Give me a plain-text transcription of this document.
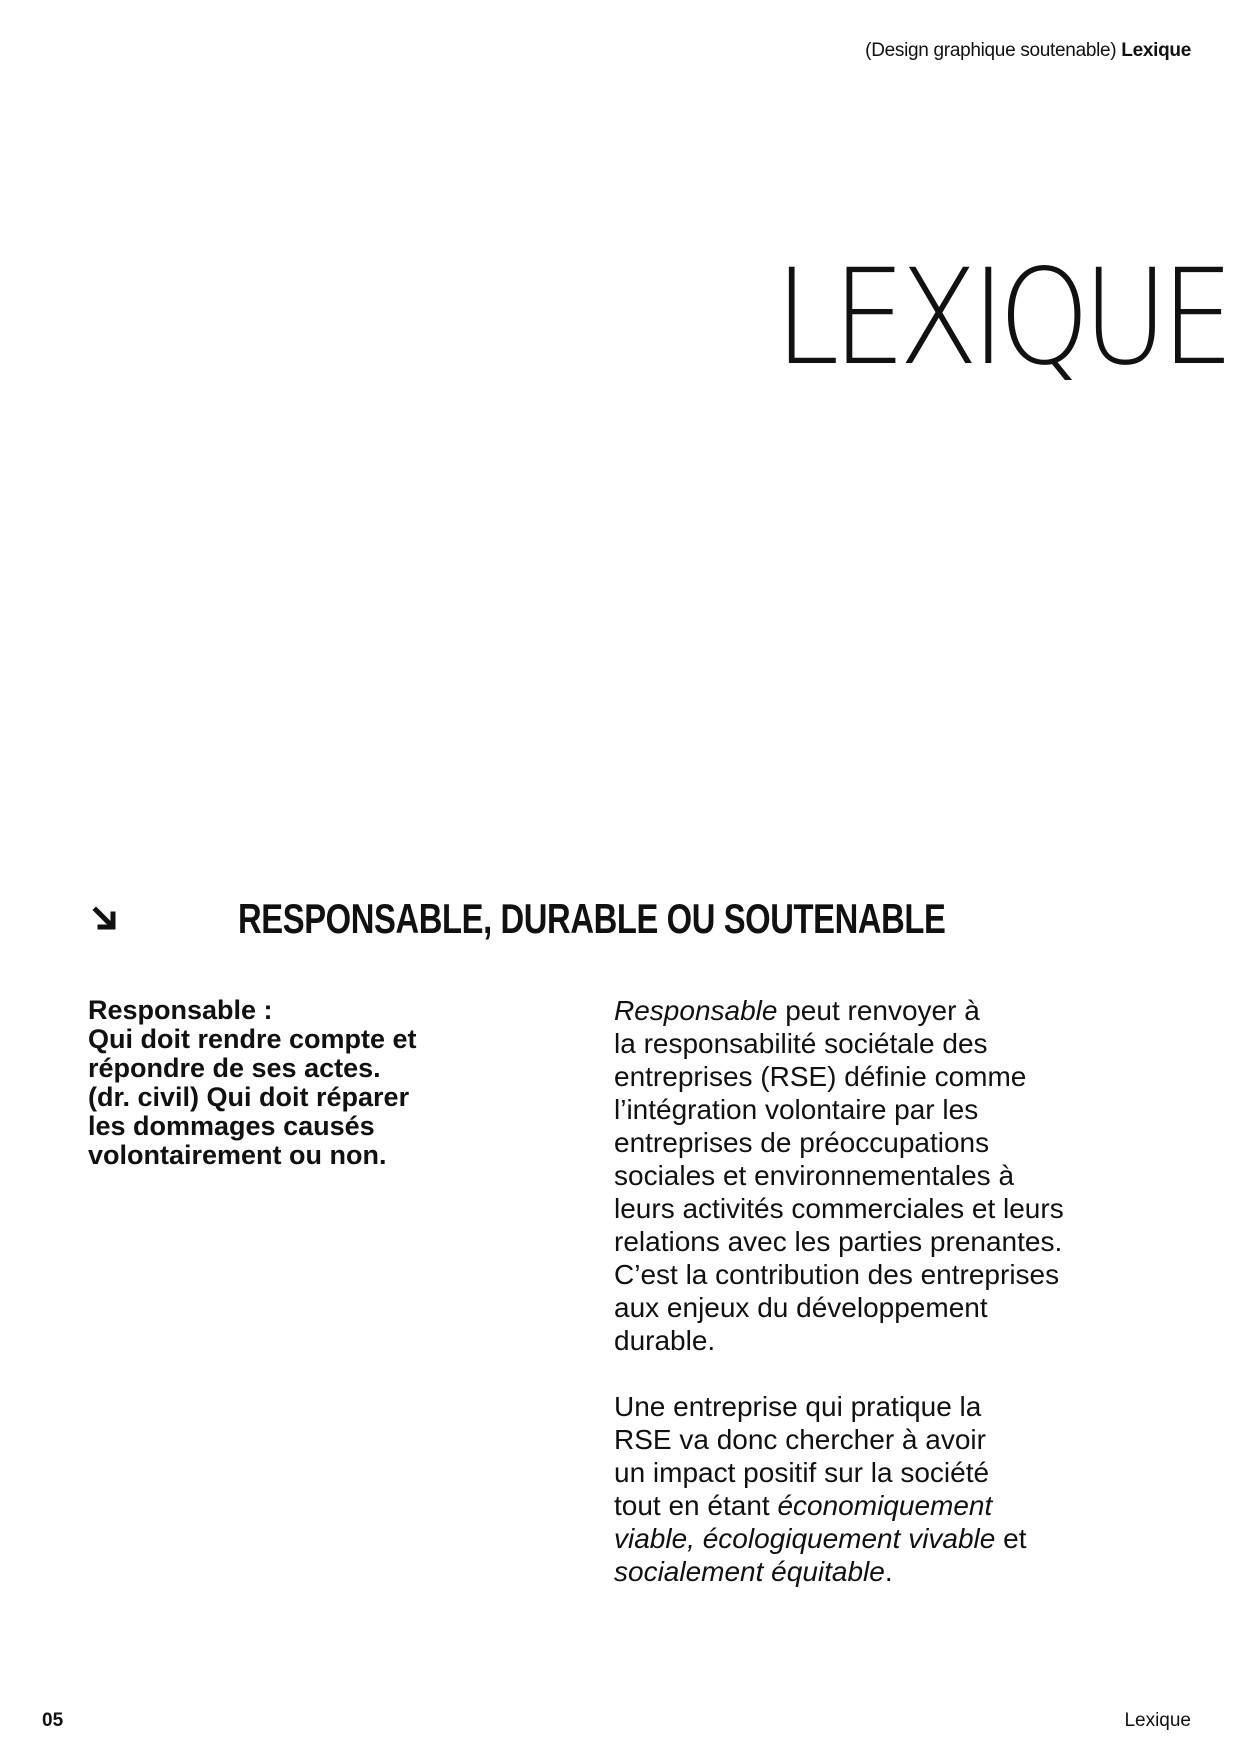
(Design graphique soutenable) Lexique
LEXIQUE
RESPONSABLE, DURABLE OU SOUTENABLE

Responsable :

Qui doit rendre compte et

répondre de ses actes.

(dr. civil) Qui doit réparer

les dommages causés

volontairement ou non.

Responsable peut renvoyer à
la responsabilité sociétale des
entreprises (RSE) définie comme
l’intégration volontaire par les
entreprises de préoccupations
sociales et environnementales à
leurs activités commerciales et leurs
relations avec les parties prenantes.
C’est la contribution des entreprises
aux enjeux du développement
durable.

Une entreprise qui pratique la
RSE va donc chercher à avoir
un impact positif sur la société
tout en étant économiquement
viable, écologiquement vivable et
socialement équitable.

05	Lexique
